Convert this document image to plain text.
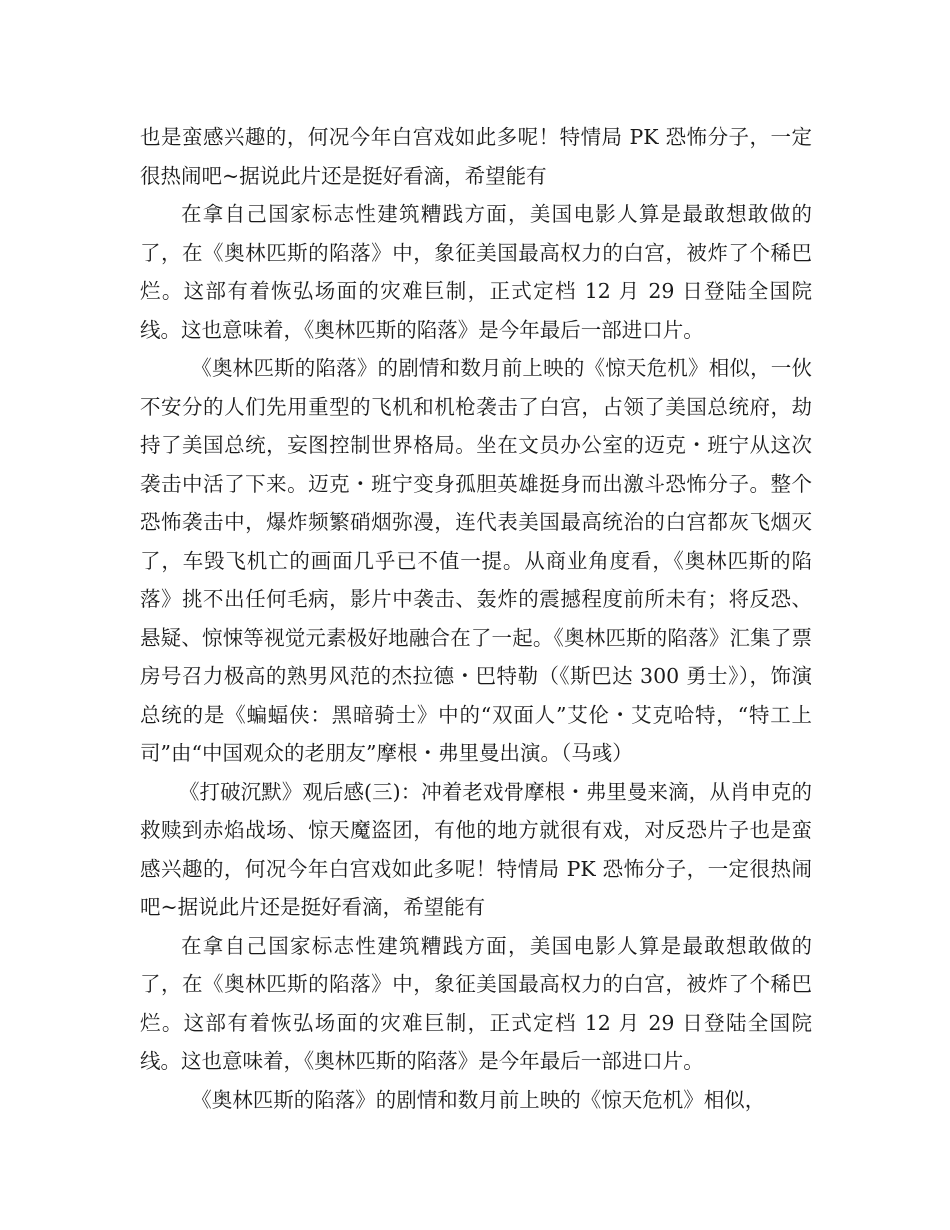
也是蛮感兴趣的，何况今年白宫戏如此多呢！特情局 PK 恐怖分子，一定很热闹吧~据说此片还是挺好看滴，希望能有

在拿自己国家标志性建筑糟践方面，美国电影人算是最敢想敢做的了，在《奥林匹斯的陷落》中，象征美国最高权力的白宫，被炸了个稀巴烂。这部有着恢弘场面的灾难巨制，正式定档 12 月 29 日登陆全国院线。这也意味着，《奥林匹斯的陷落》是今年最后一部进口片。

《奥林匹斯的陷落》的剧情和数月前上映的《惊天危机》相似，一伙不安分的人们先用重型的飞机和机枪袭击了白宫，占领了美国总统府，劫持了美国总统，妄图控制世界格局。坐在文员办公室的迈克・班宁从这次袭击中活了下来。迈克・班宁变身孤胆英雄挺身而出激斗恐怖分子。整个恐怖袭击中，爆炸频繁硝烟弥漫，连代表美国最高统治的白宫都灰飞烟灭了，车毁飞机亡的画面几乎已不值一提。从商业角度看，《奥林匹斯的陷落》挑不出任何毛病，影片中袭击、轰炸的震撼程度前所未有；将反恐、悬疑、惊悚等视觉元素极好地融合在了一起。《奥林匹斯的陷落》汇集了票房号召力极高的熟男风范的杰拉德・巴特勒（《斯巴达 300 勇士》），饰演总统的是《蝙蝠侠：黑暗骑士》中的“双面人”艾伦・艾克哈特，“特工上司”由“中国观众的老朋友”摩根・弗里曼出演。（马彧）

《打破沉默》观后感(三)：冲着老戏骨摩根・弗里曼来滴，从肖申克的救赎到赤焰战场、惊天魔盗团，有他的地方就很有戏，对反恐片子也是蛮感兴趣的，何况今年白宫戏如此多呢！特情局 PK 恐怖分子，一定很热闹吧~据说此片还是挺好看滴，希望能有

在拿自己国家标志性建筑糟践方面，美国电影人算是最敢想敢做的了，在《奥林匹斯的陷落》中，象征美国最高权力的白宫，被炸了个稀巴烂。这部有着恢弘场面的灾难巨制，正式定档 12 月 29 日登陆全国院线。这也意味着，《奥林匹斯的陷落》是今年最后一部进口片。

《奥林匹斯的陷落》的剧情和数月前上映的《惊天危机》相似，
